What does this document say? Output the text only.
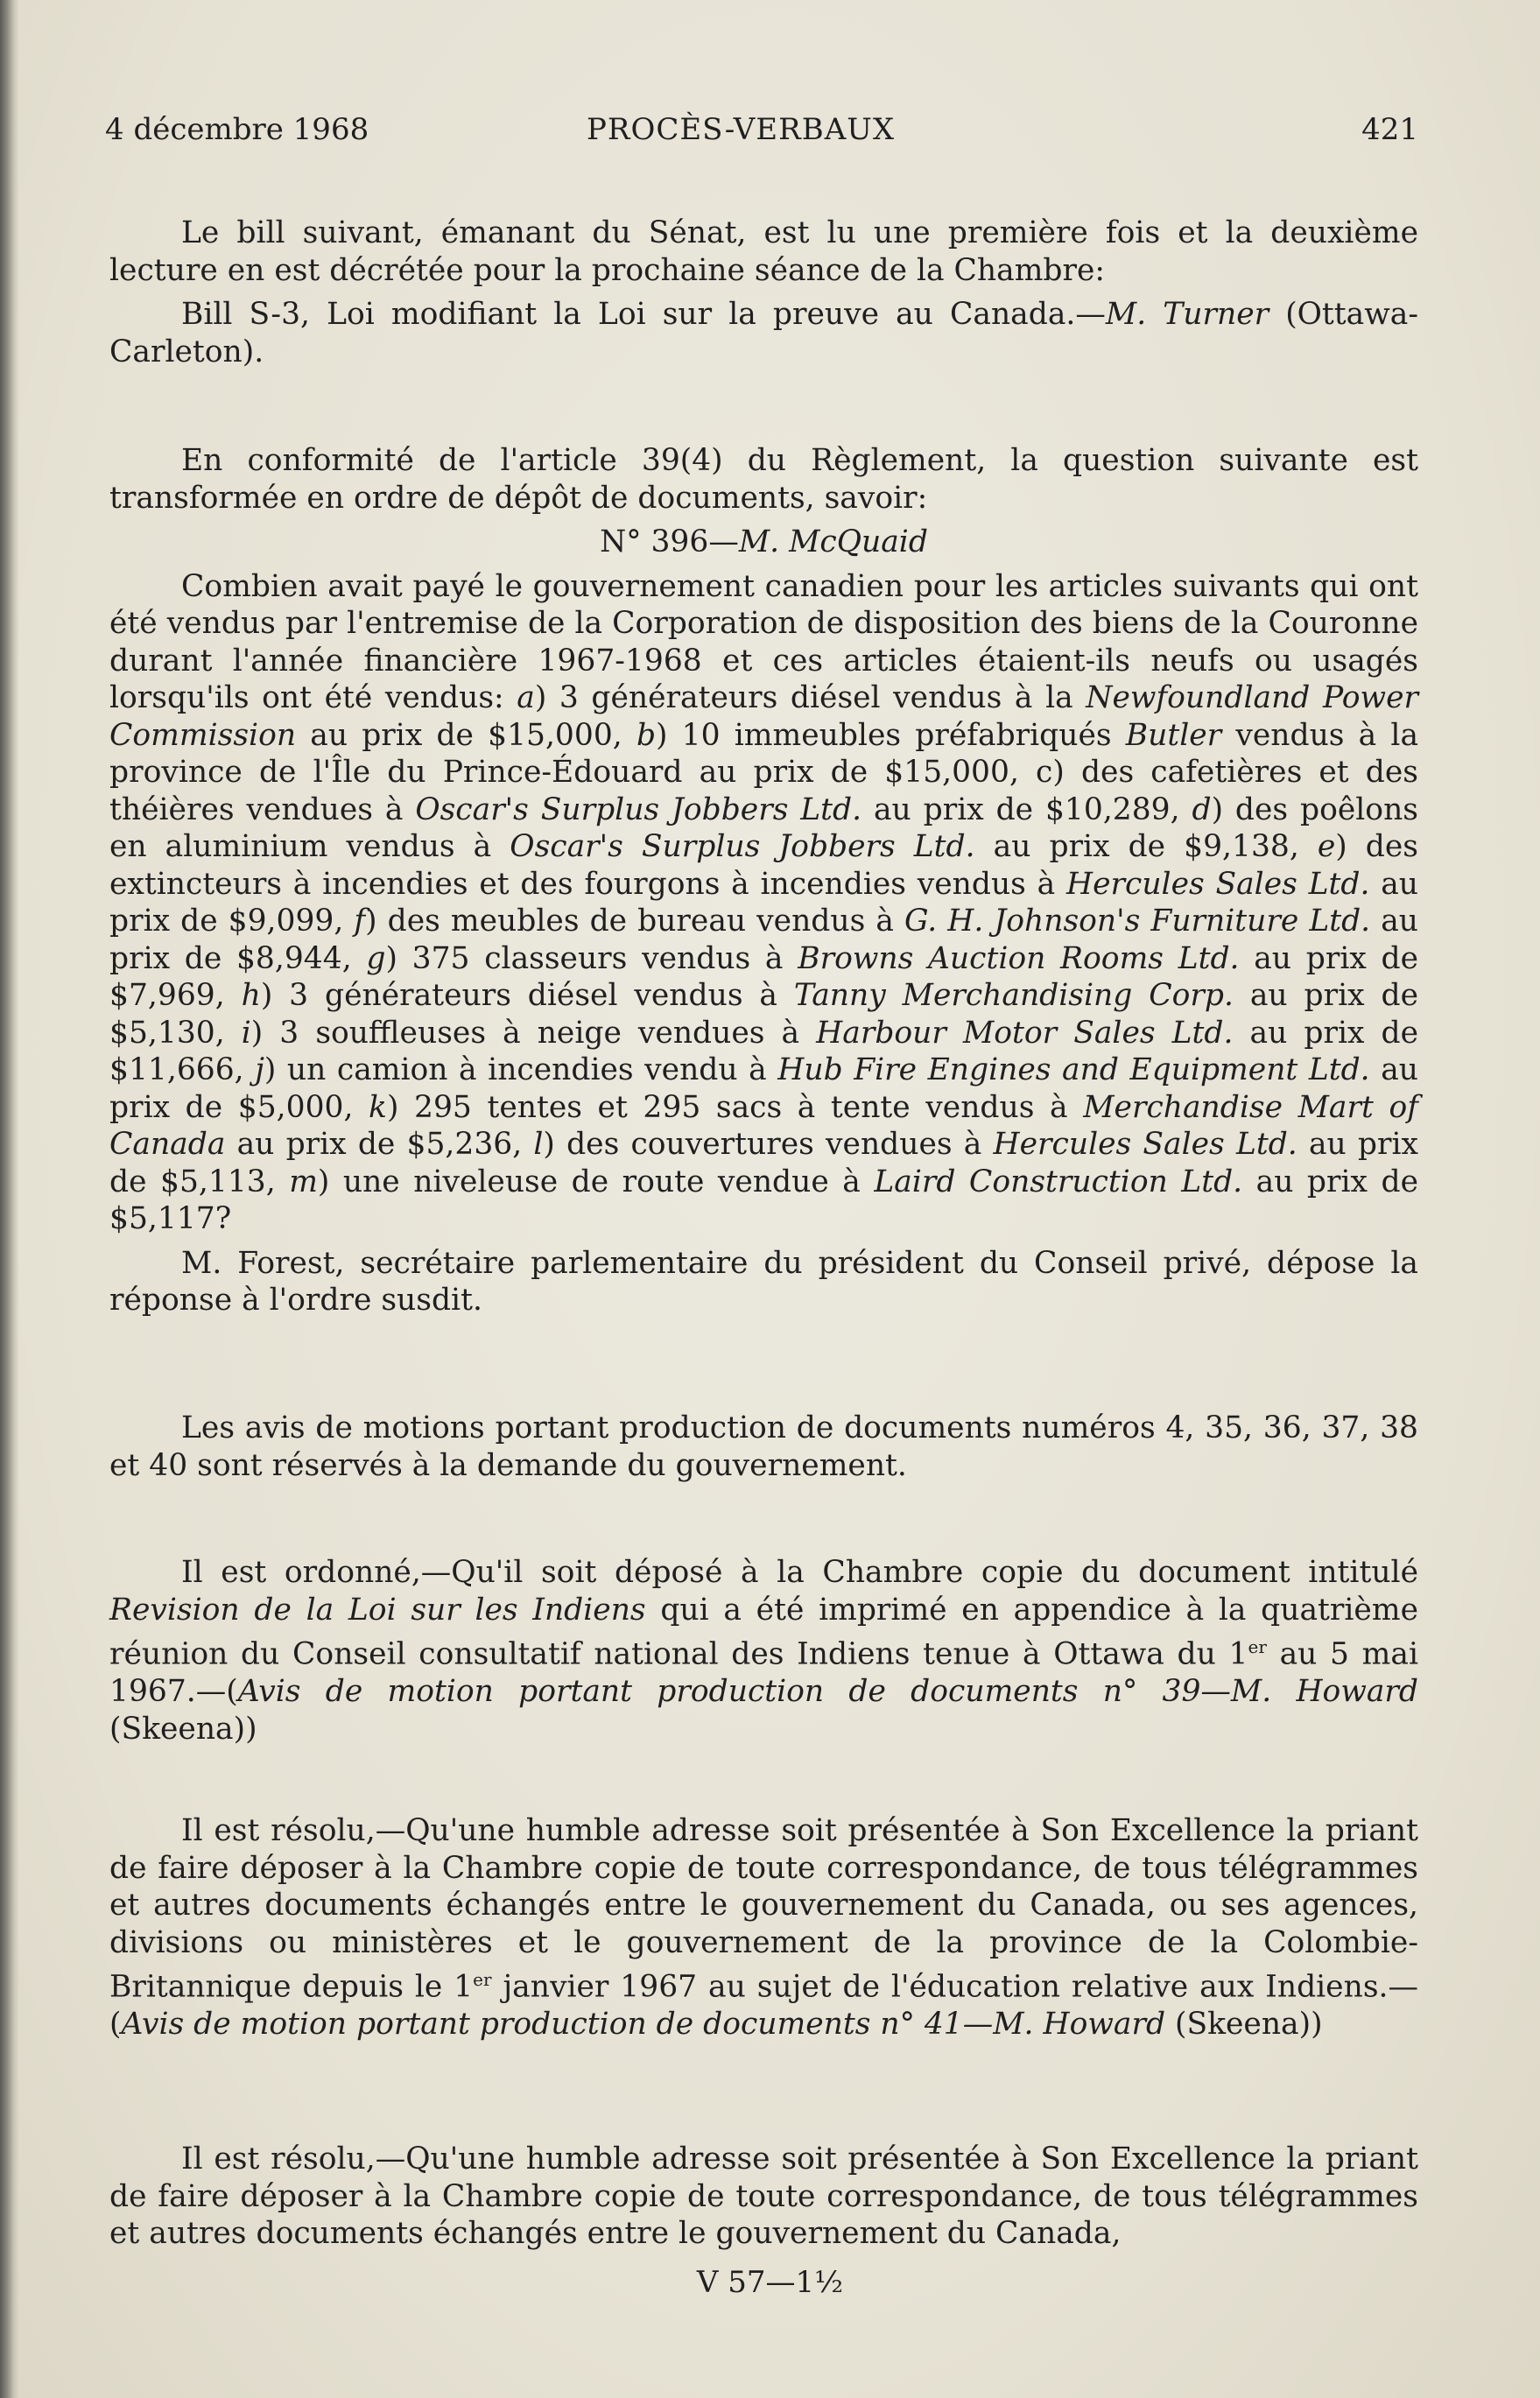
4 décembre 1968	PROCÈS-VERBAUX	421

Le bill suivant, émanant du Sénat, est lu une première fois et la deuxième lecture en est décrétée pour la prochaine séance de la Chambre:

Bill S-3, Loi modifiant la Loi sur la preuve au Canada.—M. Turner (Ottawa-Carleton).

En conformité de l'article 39(4) du Règlement, la question suivante est transformée en ordre de dépôt de documents, savoir:

N° 396—M. McQuaid

Combien avait payé le gouvernement canadien pour les articles suivants qui ont été vendus par l'entremise de la Corporation de disposition des biens de la Couronne durant l'année financière 1967-1968 et ces articles étaient-ils neufs ou usagés lorsqu'ils ont été vendus: a) 3 générateurs diésel vendus à la Newfoundland Power Commission au prix de $15,000, b) 10 immeubles préfabriqués Butler vendus à la province de l'Île du Prince-Édouard au prix de $15,000, c) des cafetières et des théières vendues à Oscar's Surplus Jobbers Ltd. au prix de $10,289, d) des poêlons en aluminium vendus à Oscar's Surplus Jobbers Ltd. au prix de $9,138, e) des extincteurs à incendies et des fourgons à incendies vendus à Hercules Sales Ltd. au prix de $9,099, f) des meubles de bureau vendus à G. H. Johnson's Furniture Ltd. au prix de $8,944, g) 375 classeurs vendus à Browns Auction Rooms Ltd. au prix de $7,969, h) 3 générateurs diésel vendus à Tanny Merchandising Corp. au prix de $5,130, i) 3 souffleuses à neige vendues à Harbour Motor Sales Ltd. au prix de $11,666, j) un camion à incendies vendu à Hub Fire Engines and Equipment Ltd. au prix de $5,000, k) 295 tentes et 295 sacs à tente vendus à Merchandise Mart of Canada au prix de $5,236, l) des couvertures vendues à Hercules Sales Ltd. au prix de $5,113, m) une niveleuse de route vendue à Laird Construction Ltd. au prix de $5,117?

M. Forest, secrétaire parlementaire du président du Conseil privé, dépose la réponse à l'ordre susdit.

Les avis de motions portant production de documents numéros 4, 35, 36, 37, 38 et 40 sont réservés à la demande du gouvernement.

Il est ordonné,—Qu'il soit déposé à la Chambre copie du document intitulé Revision de la Loi sur les Indiens qui a été imprimé en appendice à la quatrième réunion du Conseil consultatif national des Indiens tenue à Ottawa du 1er au 5 mai 1967.—(Avis de motion portant production de documents n° 39—M. Howard (Skeena))

Il est résolu,—Qu'une humble adresse soit présentée à Son Excellence la priant de faire déposer à la Chambre copie de toute correspondance, de tous télégrammes et autres documents échangés entre le gouvernement du Canada, ou ses agences, divisions ou ministères et le gouvernement de la province de la Colombie-Britannique depuis le 1er janvier 1967 au sujet de l'éducation relative aux Indiens.—(Avis de motion portant production de documents n° 41—M. Howard (Skeena))

Il est résolu,—Qu'une humble adresse soit présentée à Son Excellence la priant de faire déposer à la Chambre copie de toute correspondance, de tous télégrammes et autres documents échangés entre le gouvernement du Canada,

V 57—1½
